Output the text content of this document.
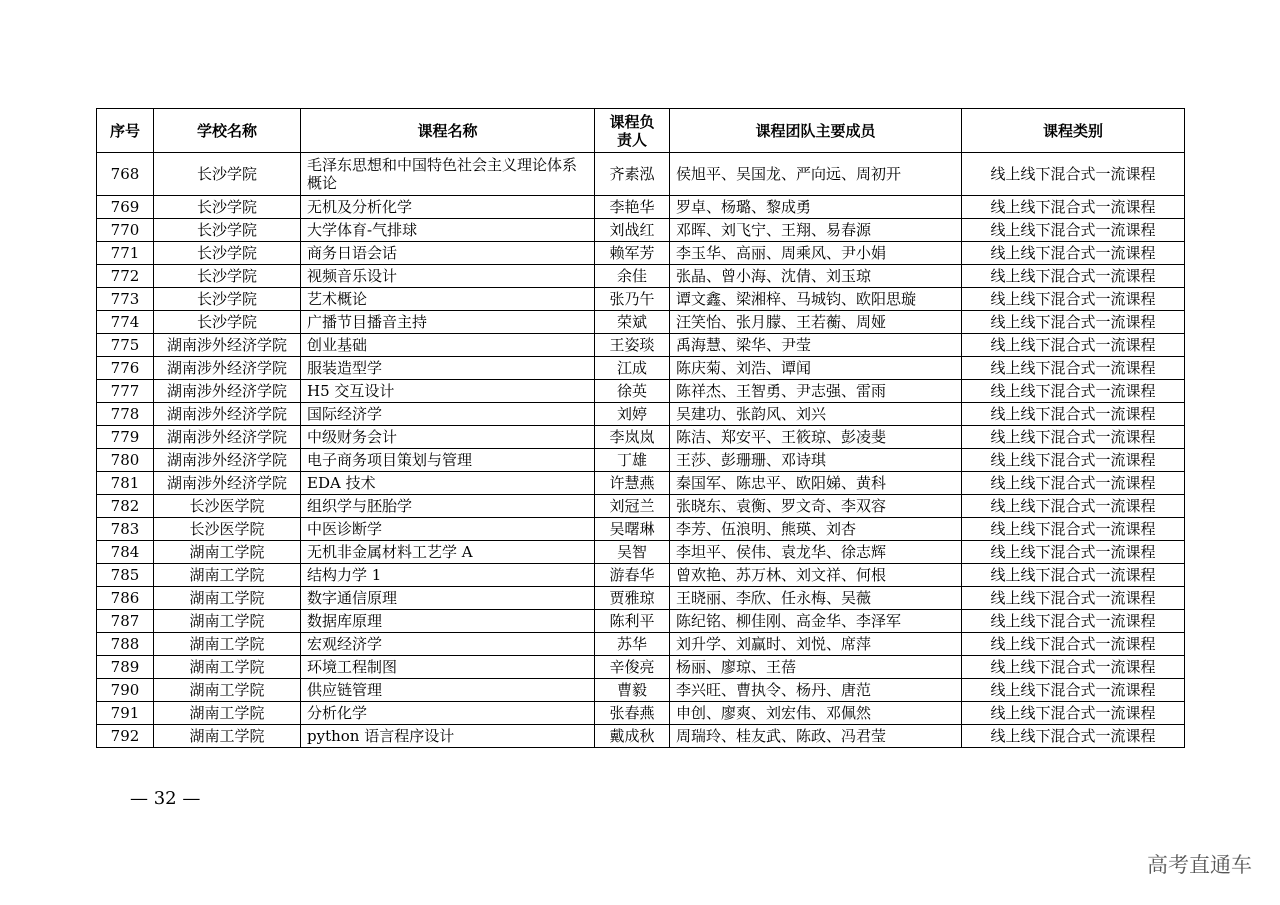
序号	学校名称	课程名称	课程负责人	课程团队主要成员	课程类别
768	长沙学院	毛泽东思想和中国特色社会主义理论体系概论	齐素泓	侯旭平、吴国龙、严向远、周初开	线上线下混合式一流课程
769	长沙学院	无机及分析化学	李艳华	罗卓、杨璐、黎成勇	线上线下混合式一流课程
770	长沙学院	大学体育-气排球	刘战红	邓晖、刘飞宁、王翔、易春源	线上线下混合式一流课程
771	长沙学院	商务日语会话	赖军芳	李玉华、高丽、周乘风、尹小娟	线上线下混合式一流课程
772	长沙学院	视频音乐设计	余佳	张晶、曾小海、沈倩、刘玉琼	线上线下混合式一流课程
773	长沙学院	艺术概论	张乃午	谭文鑫、梁湘梓、马城钧、欧阳思璇	线上线下混合式一流课程
774	长沙学院	广播节目播音主持	荣斌	汪笑怡、张月朦、王若蘅、周娅	线上线下混合式一流课程
775	湖南涉外经济学院	创业基础	王姿琰	禹海慧、梁华、尹莹	线上线下混合式一流课程
776	湖南涉外经济学院	服装造型学	江成	陈庆菊、刘浩、谭闻	线上线下混合式一流课程
777	湖南涉外经济学院	H5 交互设计	徐英	陈祥杰、王智勇、尹志强、雷雨	线上线下混合式一流课程
778	湖南涉外经济学院	国际经济学	刘婷	吴建功、张韵风、刘兴	线上线下混合式一流课程
779	湖南涉外经济学院	中级财务会计	李岚岚	陈洁、郑安平、王筱琼、彭凌斐	线上线下混合式一流课程
780	湖南涉外经济学院	电子商务项目策划与管理	丁雄	王莎、彭珊珊、邓诗琪	线上线下混合式一流课程
781	湖南涉外经济学院	EDA 技术	许慧燕	秦国军、陈忠平、欧阳娣、黄科	线上线下混合式一流课程
782	长沙医学院	组织学与胚胎学	刘冠兰	张晓东、袁衡、罗文奇、李双容	线上线下混合式一流课程
783	长沙医学院	中医诊断学	吴曙琳	李芳、伍浪明、熊瑛、刘杏	线上线下混合式一流课程
784	湖南工学院	无机非金属材料工艺学 A	吴智	李坦平、侯伟、袁龙华、徐志辉	线上线下混合式一流课程
785	湖南工学院	结构力学 1	游春华	曾欢艳、苏万林、刘文祥、何根	线上线下混合式一流课程
786	湖南工学院	数字通信原理	贾雅琼	王晓丽、李欣、任永梅、吴薇	线上线下混合式一流课程
787	湖南工学院	数据库原理	陈利平	陈纪铭、柳佳刚、高金华、李泽军	线上线下混合式一流课程
788	湖南工学院	宏观经济学	苏华	刘升学、刘赢时、刘悦、席萍	线上线下混合式一流课程
789	湖南工学院	环境工程制图	辛俊亮	杨丽、廖琼、王蓓	线上线下混合式一流课程
790	湖南工学院	供应链管理	曹毅	李兴旺、曹执令、杨丹、唐范	线上线下混合式一流课程
791	湖南工学院	分析化学	张春燕	申创、廖爽、刘宏伟、邓佩然	线上线下混合式一流课程
792	湖南工学院	python 语言程序设计	戴成秋	周瑞玲、桂友武、陈政、冯君莹	线上线下混合式一流课程
— 32 —
高考直通车
